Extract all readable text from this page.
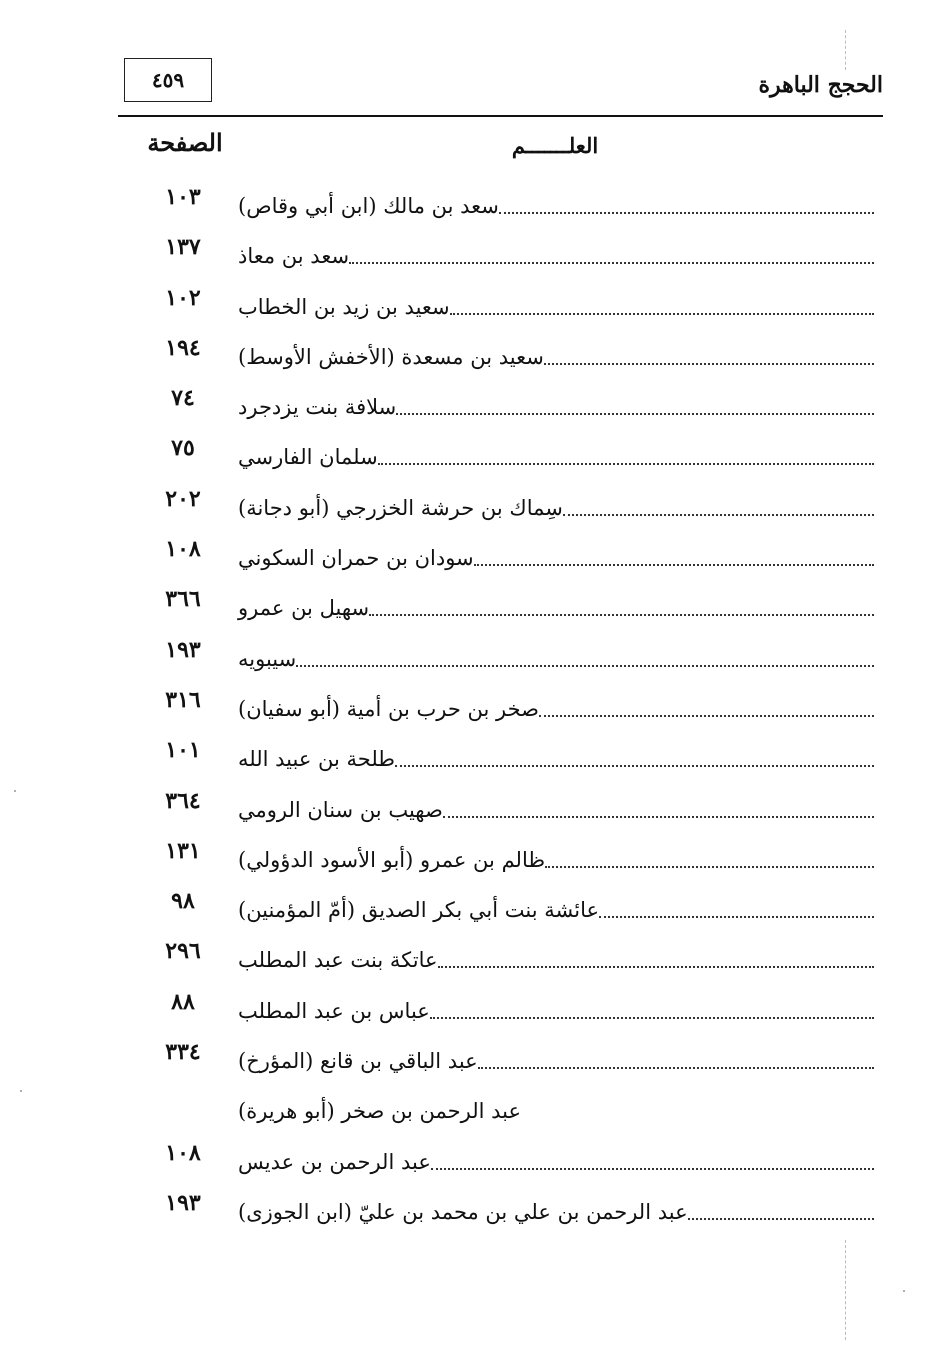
٤٥٩	الحجج الباهرة
العلـــــــم
الصفحة
١٠٣	سعد بن مالك (ابن أبي وقاص)
١٣٧	سعد بن معاذ
١٠٢	سعيد بن زيد بن الخطاب
١٩٤	سعيد بن مسعدة (الأخفش الأوسط)
٧٤	سلافة بنت يزدجرد
٧٥	سلمان الفارسي
٢٠٢	سِماك بن حرشة الخزرجي (أبو دجانة)
١٠٨	سودان بن حمران السكوني
٣٦٦	سهيل بن عمرو
١٩٣	سيبويه
٣١٦	صخر بن حرب بن أمية (أبو سفيان)
١٠١	طلحة بن عبيد الله
٣٦٤	صهيب بن سنان الرومي
١٣١	ظالم بن عمرو (أبو الأسود الدؤولي)
٩٨	عائشة بنت أبي بكر الصديق (أمّ المؤمنين)
٢٩٦	عاتكة بنت عبد المطلب
٨٨	عباس بن عبد المطلب
٣٣٤	عبد الباقي بن قانع (المؤرخ)
عبد الرحمن بن صخر (أبو هريرة)
١٠٨	عبد الرحمن بن عديس
١٩٣	عبد الرحمن بن علي بن محمد بن عليّ (ابن الجوزى)
